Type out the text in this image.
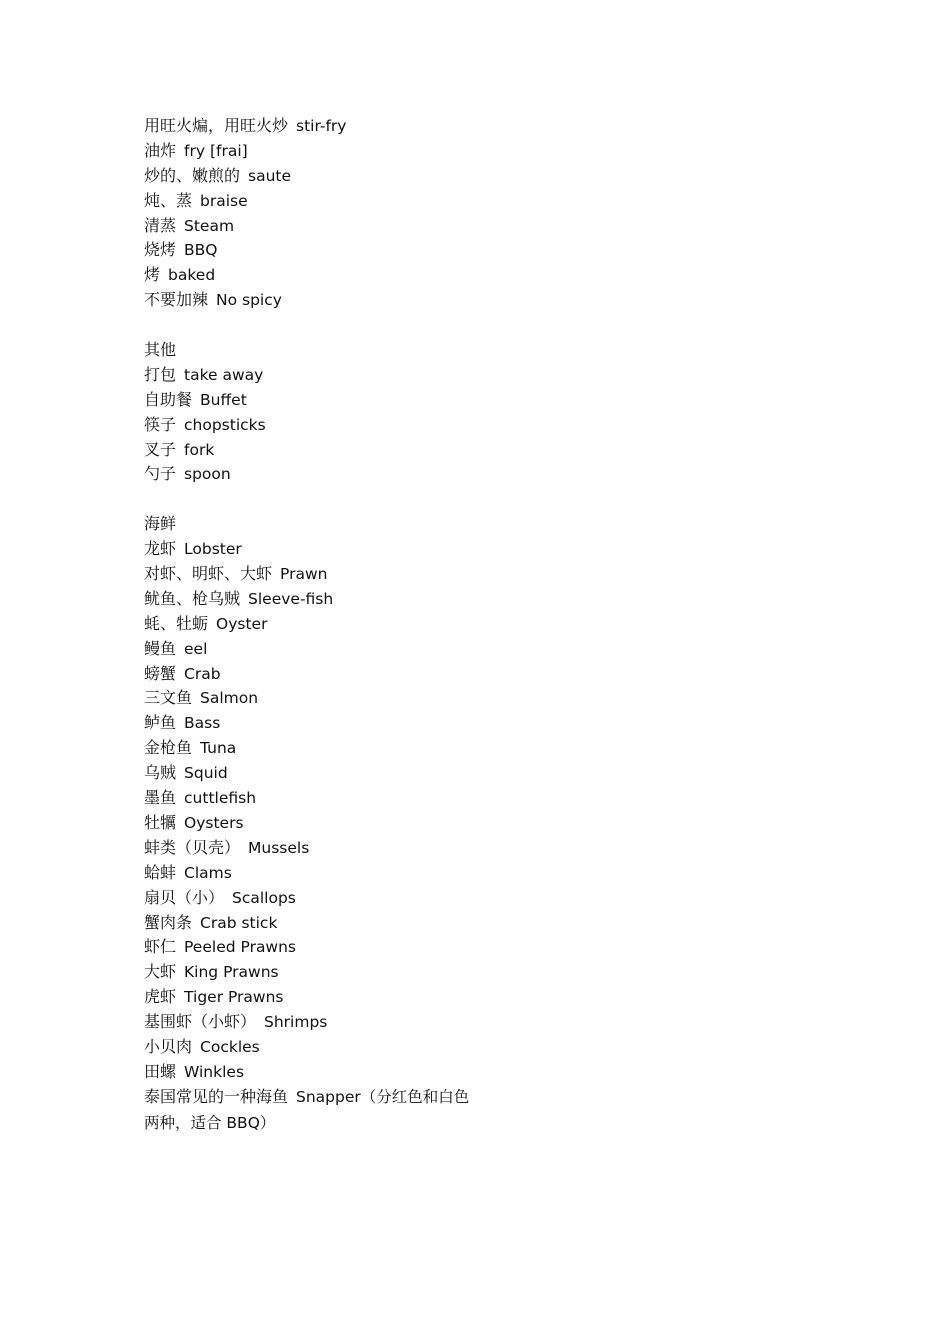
用旺火煸，用旺火炒 stir-fry
油炸 fry [frai]
炒的、嫩煎的 saute
炖、蒸 braise
清蒸 Steam
烧烤 BBQ
烤 baked
不要加辣 No spicy
其他
打包 take away
自助餐 Buffet
筷子 chopsticks
叉子 fork
勺子 spoon
海鲜
龙虾 Lobster
对虾、明虾、大虾 Prawn
鱿鱼、枪乌贼 Sleeve-fish
蚝、牡蛎 Oyster
鳗鱼 eel
螃蟹 Crab
三文鱼 Salmon
鲈鱼 Bass
金枪鱼 Tuna
乌贼 Squid
墨鱼 cuttlefish
牡犡 Oysters
蚌类（贝壳） Mussels
蛤蚌 Clams
扇贝（小） Scallops
蟹肉条 Crab stick
虾仁 Peeled Prawns
大虾 King Prawns
虎虾 Tiger Prawns
基围虾（小虾） Shrimps
小贝肉 Cockles
田螺 Winkles
泰国常见的一种海鱼 Snapper（分红色和白色两种，适合 BBQ）
